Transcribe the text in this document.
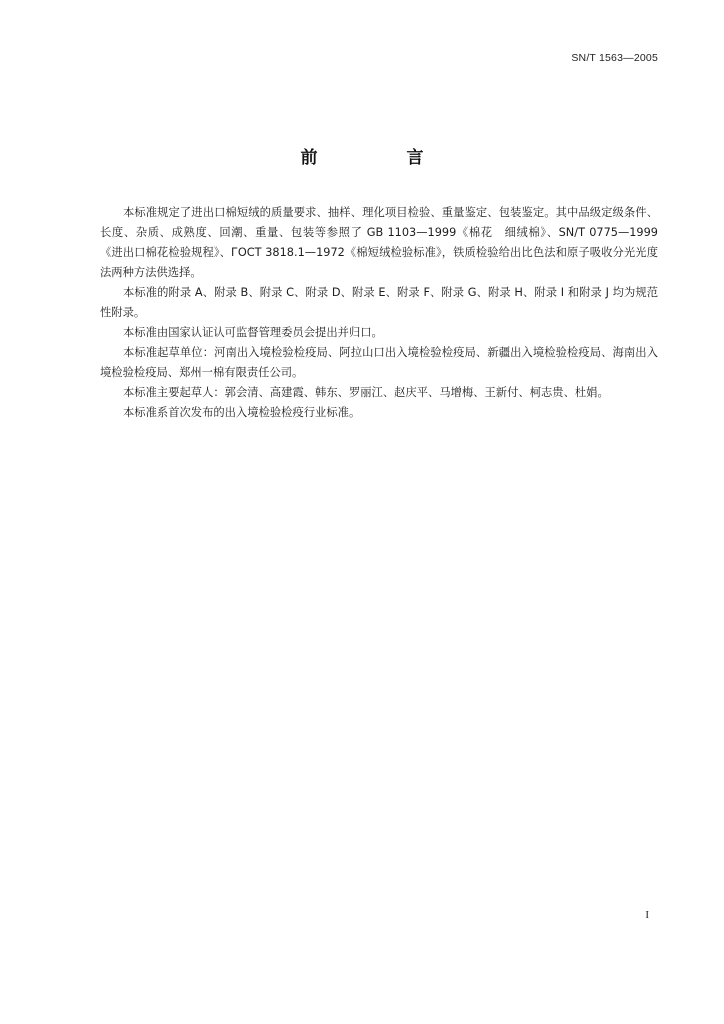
SN/T 1563—2005
前　言

本标准规定了进出口棉短绒的质量要求、抽样、理化项目检验、重量鉴定、包装鉴定。其中品级定级条件、长度、杂质、成熟度、回潮、重量、包装等参照了 GB 1103—1999《棉花　细绒棉》、SN/T 0775—1999《进出口棉花检验规程》、ГОСТ 3818.1—1972《棉短绒检验标准》，铁质检验给出比色法和原子吸收分光光度法两种方法供选择。

本标准的附录 A、附录 B、附录 C、附录 D、附录 E、附录 F、附录 G、附录 H、附录 I 和附录 J 均为规范性附录。

本标准由国家认证认可监督管理委员会提出并归口。

本标准起草单位：河南出入境检验检疫局、阿拉山口出入境检验检疫局、新疆出入境检验检疫局、海南出入境检验检疫局、郑州一棉有限责任公司。

本标准主要起草人：郭会清、高建霞、韩东、罗丽江、赵庆平、马增梅、王新付、柯志贵、杜娟。

本标准系首次发布的出入境检验检疫行业标准。

I
